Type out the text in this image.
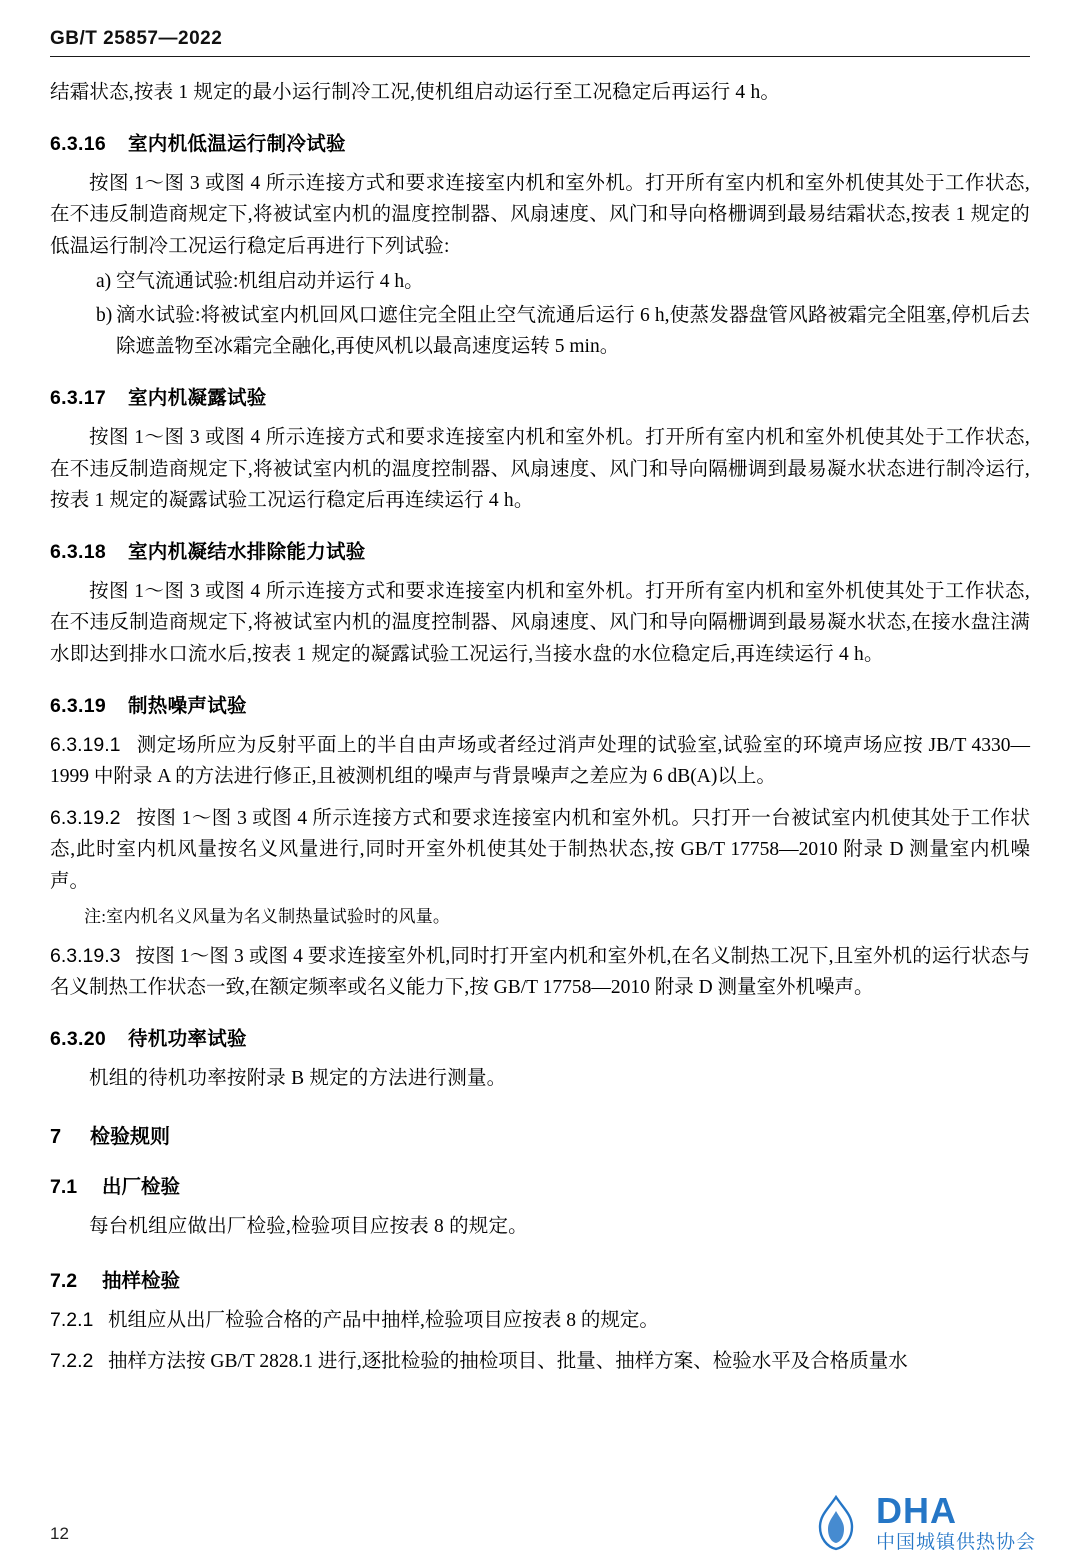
GB/T 25857—2022

结霜状态,按表 1 规定的最小运行制冷工况,使机组启动运行至工况稳定后再运行 4 h。

6.3.16 室内机低温运行制冷试验

按图 1～图 3 或图 4 所示连接方式和要求连接室内机和室外机。打开所有室内机和室外机使其处于工作状态,在不违反制造商规定下,将被试室内机的温度控制器、风扇速度、风门和导向格栅调到最易结霜状态,按表 1 规定的低温运行制冷工况运行稳定后再进行下列试验:

a) 空气流通试验:机组启动并运行 4 h。
b) 滴水试验:将被试室内机回风口遮住完全阻止空气流通后运行 6 h,使蒸发器盘管风路被霜完全阻塞,停机后去除遮盖物至冰霜完全融化,再使风机以最高速度运转 5 min。
6.3.17 室内机凝露试验

按图 1～图 3 或图 4 所示连接方式和要求连接室内机和室外机。打开所有室内机和室外机使其处于工作状态,在不违反制造商规定下,将被试室内机的温度控制器、风扇速度、风门和导向隔栅调到最易凝水状态进行制冷运行,按表 1 规定的凝露试验工况运行稳定后再连续运行 4 h。

6.3.18 室内机凝结水排除能力试验

按图 1～图 3 或图 4 所示连接方式和要求连接室内机和室外机。打开所有室内机和室外机使其处于工作状态,在不违反制造商规定下,将被试室内机的温度控制器、风扇速度、风门和导向隔栅调到最易凝水状态,在接水盘注满水即达到排水口流水后,按表 1 规定的凝露试验工况运行,当接水盘的水位稳定后,再连续运行 4 h。

6.3.19 制热噪声试验
6.3.19.1 测定场所应为反射平面上的半自由声场或者经过消声处理的试验室,试验室的环境声场应按 JB/T 4330—1999 中附录 A 的方法进行修正,且被测机组的噪声与背景噪声之差应为 6 dB(A)以上。
6.3.19.2 按图 1～图 3 或图 4 所示连接方式和要求连接室内机和室外机。只打开一台被试室内机使其处于工作状态,此时室内机风量按名义风量进行,同时开室外机使其处于制热状态,按 GB/T 17758—2010 附录 D 测量室内机噪声。

注:室内机名义风量为名义制热量试验时的风量。

6.3.19.3 按图 1～图 3 或图 4 要求连接室外机,同时打开室内机和室外机,在名义制热工况下,且室外机的运行状态与名义制热工作状态一致,在额定频率或名义能力下,按 GB/T 17758—2010 附录 D 测量室外机噪声。
6.3.20 待机功率试验

机组的待机功率按附录 B 规定的方法进行测量。

7 检验规则
7.1 出厂检验

每台机组应做出厂检验,检验项目应按表 8 的规定。

7.2 抽样检验
7.2.1 机组应从出厂检验合格的产品中抽样,检验项目应按表 8 的规定。
7.2.2 抽样方法按 GB/T 2828.1 进行,逐批检验的抽检项目、批量、抽样方案、检验水平及合格质量水
12
DHA
中国城镇供热协会
